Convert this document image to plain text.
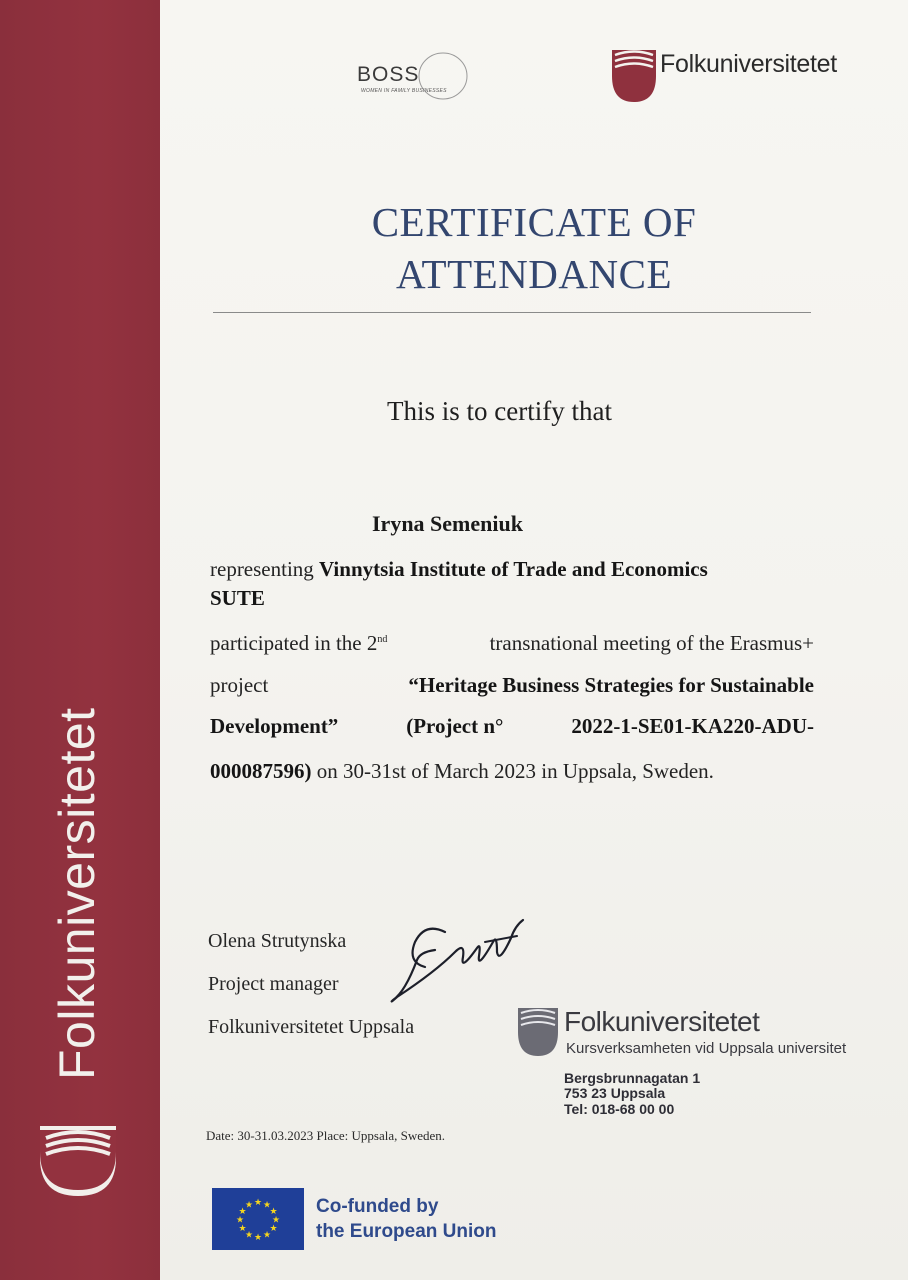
Folkuniversitetet
BOSS
WOMEN IN FAMILY BUSINESSES
Folkuniversitetet
CERTIFICATE OF
ATTENDANCE
This is to certify that
Iryna Semeniuk
representing Vinnytsia Institute of Trade and Economics
SUTE
participated in the 2nd	transnational meeting of the Erasmus+
project	“Heritage Business Strategies for Sustainable
Development”	(Project n°	2022-1-SE01-KA220-ADU-
000087596) on 30-31st of March 2023 in Uppsala, Sweden.
Olena Strutynska
Project manager
Folkuniversitetet Uppsala	Folkuniversitetet
Kursverksamheten vid Uppsala universitet
Bergsbrunnagatan 1
753 23 Uppsala
Tel: 018-68 00 00
Date: 30-31.03.2023 Place: Uppsala, Sweden.
★ ★
★
★
★
★
★
★
★
★
★
★	Co-funded by
the European Union
